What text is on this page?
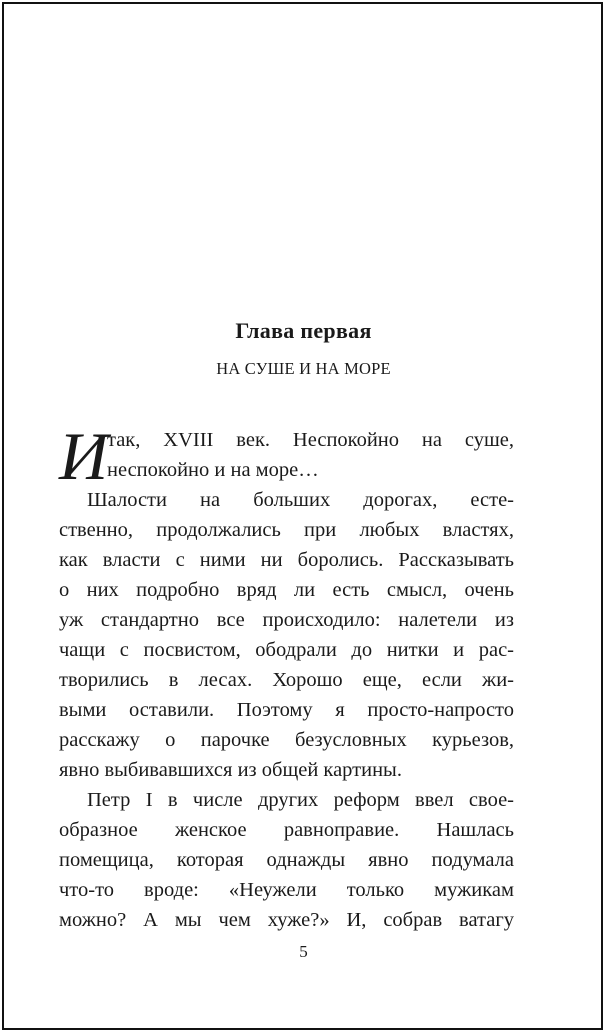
Глава первая
НА СУШЕ И НА МОРЕ
И
так, XVIII век. Неспокойно на суше,
неспокойно и на море…
Шалости на больших дорогах, есте-
ственно, продолжались при любых властях,
как власти с ними ни боролись. Рассказывать
о них подробно вряд ли есть смысл, очень
уж стандартно все происходило: налетели из
чащи с посвистом, ободрали до нитки и рас-
творились в лесах. Хорошо еще, если жи-
выми оставили. Поэтому я просто-напросто
расскажу о парочке безусловных курьезов,
явно выбивавшихся из общей картины.
Петр I в числе других реформ ввел свое-
образное женское равноправие. Нашлась
помещица, которая однажды явно подумала
что-то вроде: «Неужели только мужикам
можно? А мы чем хуже?» И, собрав ватагу
5
